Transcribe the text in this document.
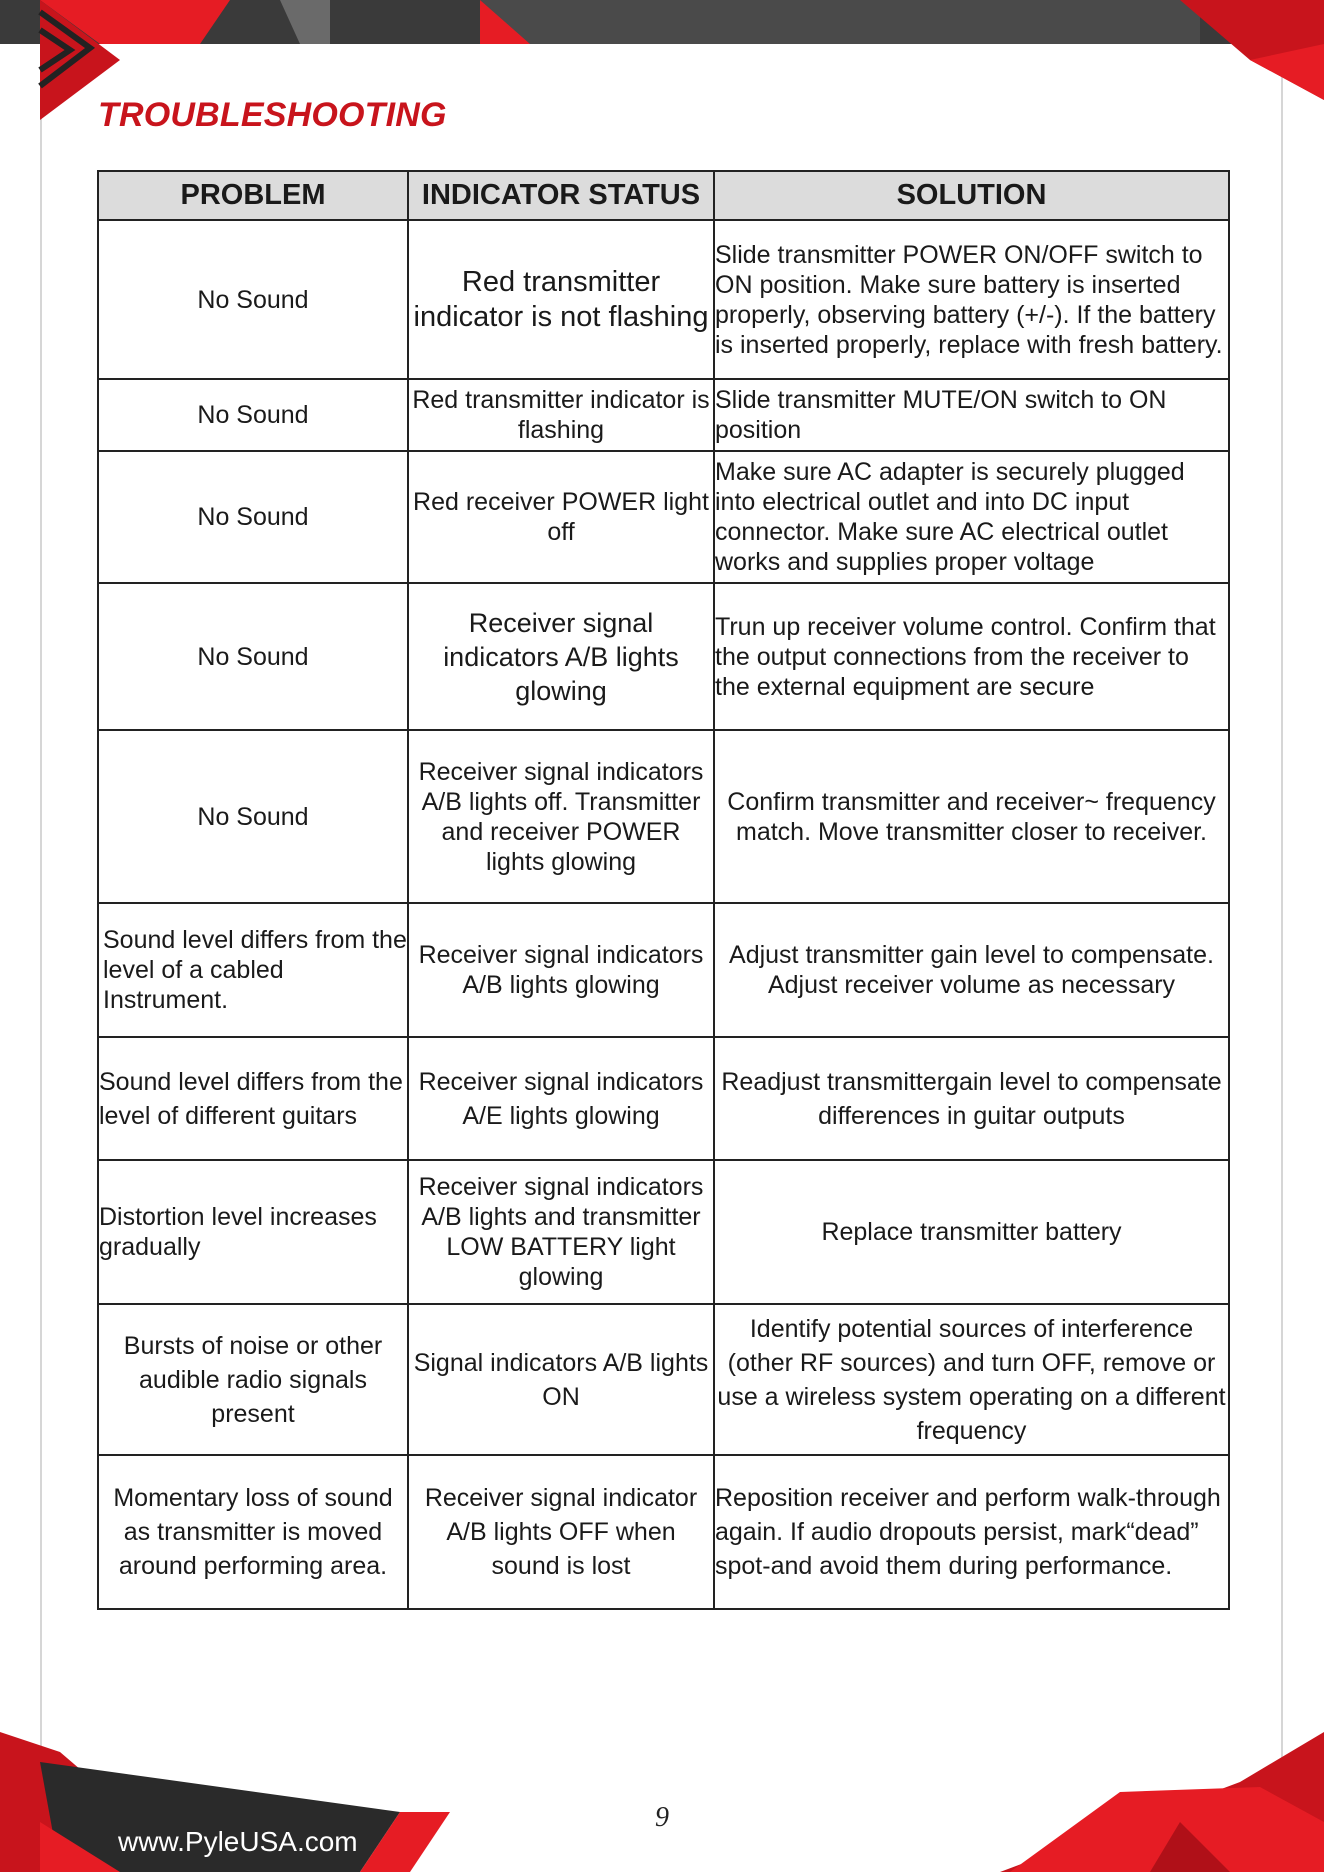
TROUBLESHOOTING
PROBLEM	INDICATOR STATUS	SOLUTION
No Sound	Red transmitter indicator is not flashing	Slide transmitter POWER ON/OFF switch to ON position. Make sure battery is inserted properly, observing battery (+/-). If the battery is inserted properly, replace with fresh battery.
No Sound	Red transmitter indicator is flashing	Slide transmitter MUTE/ON switch to ON position
No Sound	Red receiver POWER light off	Make sure AC adapter is securely plugged into electrical outlet and into DC input connector. Make sure AC electrical outlet works and supplies proper voltage
No Sound	Receiver signal indicators A/B lights glowing	Trun up receiver volume control. Confirm that the output connections from the receiver to the external equipment are secure
No Sound	Receiver signal indicators A/B lights off. Transmitter and receiver POWER lights glowing	Confirm transmitter and receiver~ frequency match. Move transmitter closer to receiver.
Sound level differs from the level of a cabled Instrument.	Receiver signal indicators A/B lights glowing	Adjust transmitter gain level to compensate. Adjust receiver volume as necessary
Sound level differs from the level of different guitars	Receiver signal indicators A/E lights glowing	Readjust transmittergain level to compensate differences in guitar outputs
Distortion level increases gradually	Receiver signal indicators A/B lights and transmitter LOW BATTERY light glowing	Replace transmitter battery
Bursts of noise or other audible radio signals present	Signal indicators A/B lights ON	Identify potential sources of interference (other RF sources) and turn OFF, remove or use a wireless system operating on a different frequency
Momentary loss of sound as transmitter is moved around performing area.	Receiver signal indicator A/B lights OFF when sound is lost	Reposition receiver and perform walk-through again. If audio dropouts persist, mark“dead” spot-and avoid them during performance.
9
www.PyleUSA.com
